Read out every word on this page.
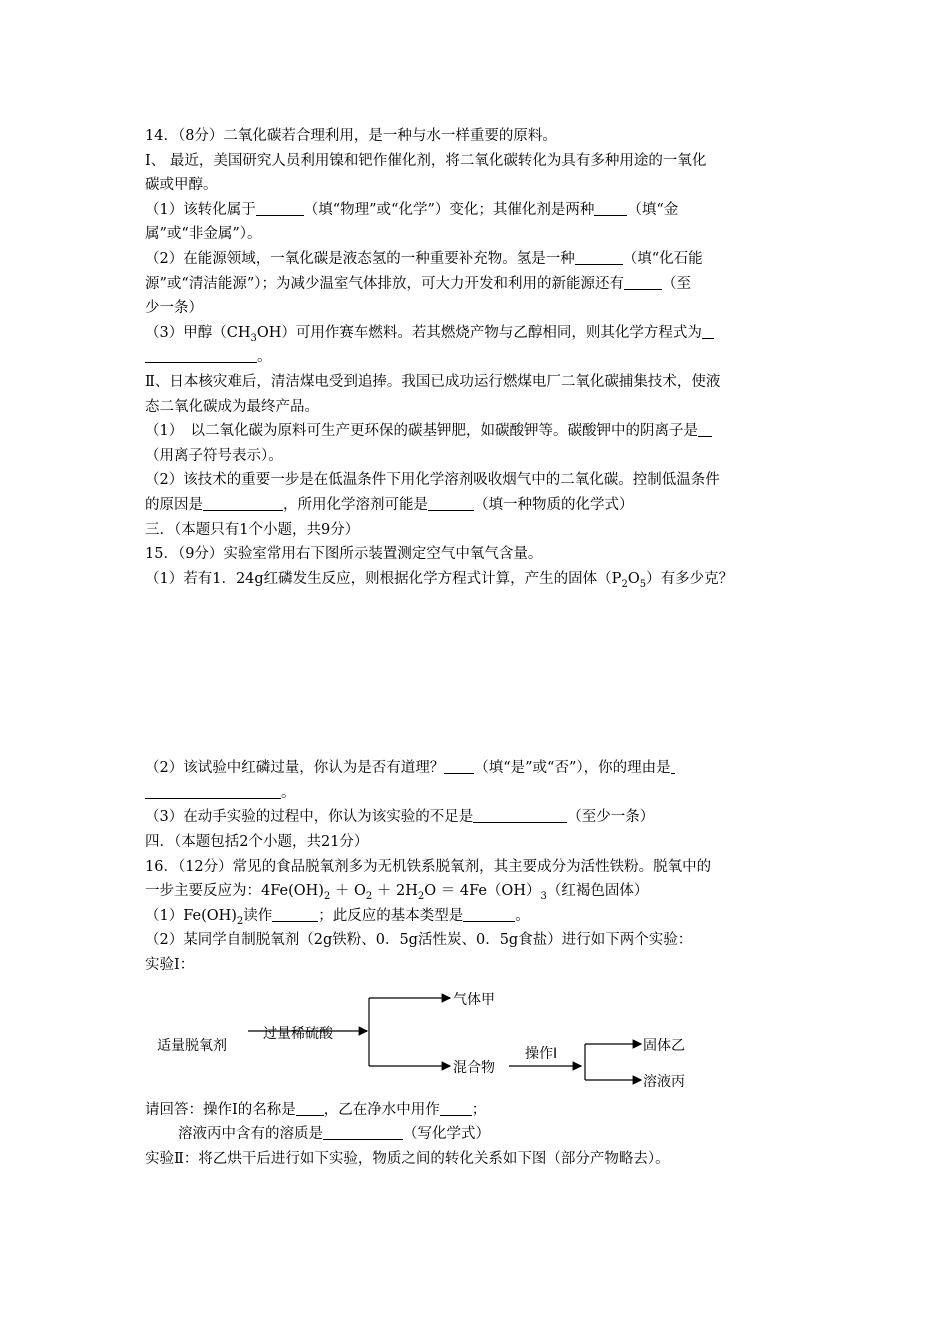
14．（8分）二氧化碳若合理利用，是一种与水一样重要的原料。
Ⅰ、 最近，美国研究人员利用镍和钯作催化剂，将二氧化碳转化为具有多种用途的一氧化
碳或甲醇。
（1）该转化属于	（填“物理”或“化学”）变化；其催化剂是两种 （填“金
属”或“非金属”）。
（2）在能源领域，一氧化碳是液态氢的一种重要补充物。氢是一种	（填“化石能
源”或“清洁能源”）；为减少温室气体排放，可大力开发和利用的新能源还有	（至
少一条）
（3）甲醇$(CH_3OH)$可用作赛车燃料。若其燃烧产物与乙醇相同，则其化学方程式为
。
Ⅱ、日本核灾难后，清洁煤电受到追捧。我国已成功运行燃煤电厂二氧化碳捕集技术，使液
态二氧化碳成为最终产品。
（1）　以二氧化碳为原料可生产更环保的碳基钾肥，如碳酸钾等。碳酸钾中的阴离子是
（用离子符号表示）。
（2）该技术的重要一步是在低温条件下用化学溶剂吸收烟气中的二氧化碳。控制低温条件
的原因是	，所用化学溶剂可能是	（填一种物质的化学式）
三．（本题只有1个小题，共9分）
15．（9分）实验室常用右下图所示装置测定空气中氧气含量。
（1）若有1．24g红磷发生反应，则根据化学方程式计算，产生的固体$(P_2O_5)$有多少克？
（2）该试验中红磷过量，你认为是否有道理？ （填“是”或“否”），你的理由是
。
（3）在动手实验的过程中，你认为该实验的不足是	（至少一条）
四．（本题包括2个小题，共21分）
16．（12分）常见的食品脱氧剂多为无机铁系脱氧剂，其主要成分为活性铁粉。脱氧中的
一步主要反应为：$4Fe(OH)_2 + O_2 + 2H_2O = 4Fe(OH)_3$（红褐色固体）
$(1)Fe(OH)_2$读作	；此反应的基本类型是	。
（2）某同学自制脱氧剂（2g铁粉、0．5g活性炭、0．5g食盐）进行如下两个实验：
实验Ⅰ：
适量脱氧剂
过量稀硫酸
气体甲
混合物
操作Ⅰ	固体乙
溶液丙
请回答：操作Ⅰ的名称是 ，乙在净水中用作 ；
溶液丙中含有的溶质是	（写化学式）
实验Ⅱ：将乙烘干后进行如下实验，物质之间的转化关系如下图（部分产物略去）。
